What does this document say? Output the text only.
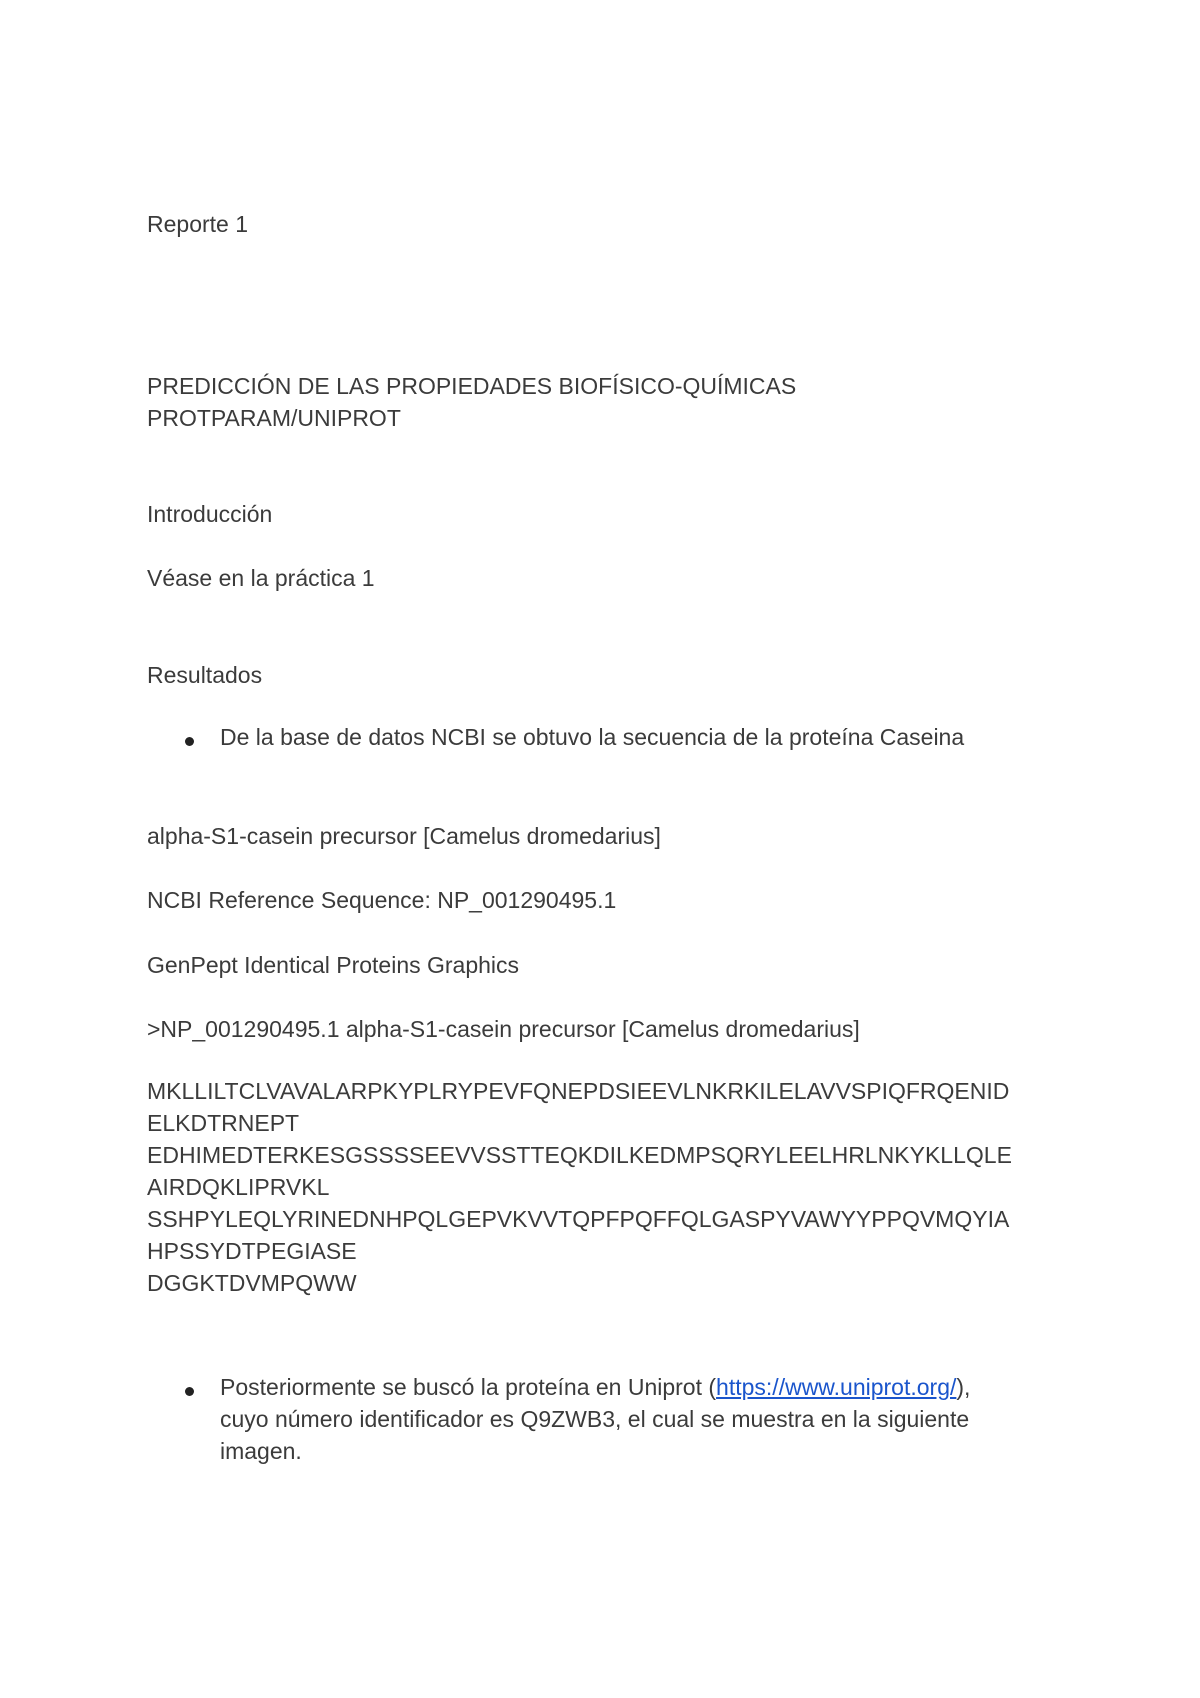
Reporte 1
PREDICCIÓN DE LAS PROPIEDADES BIOFÍSICO-QUÍMICAS
PROTPARAM/UNIPROT
Introducción
Véase en la práctica 1
Resultados
De la base de datos NCBI se obtuvo la secuencia de la proteína Caseina
alpha-S1-casein precursor [Camelus dromedarius]
NCBI Reference Sequence: NP_001290495.1
GenPept Identical Proteins Graphics
>NP_001290495.1 alpha-S1-casein precursor [Camelus dromedarius]
MKLLILTCLVAVALARPKYPLRYPEVFQNEPDSIEEVLNKRKILELAVVSPIQFRQENID
ELKDTRNEPT
EDHIMEDTERKESGSSSSEEVVSSTTEQKDILKEDMPSQRYLEELHRLNKYKLLQLE
AIRDQKLIPRVKL
SSHPYLEQLYRINEDNHPQLGEPVKVVTQPFPQFFQLGASPYVAWYYPPQVMQYIA
HPSSYDTPEGIASE
DGGKTDVMPQWW
Posteriormente se buscó la proteína en Uniprot (https://www.uniprot.org/),
cuyo número identificador es Q9ZWB3, el cual se muestra en la siguiente
imagen.
